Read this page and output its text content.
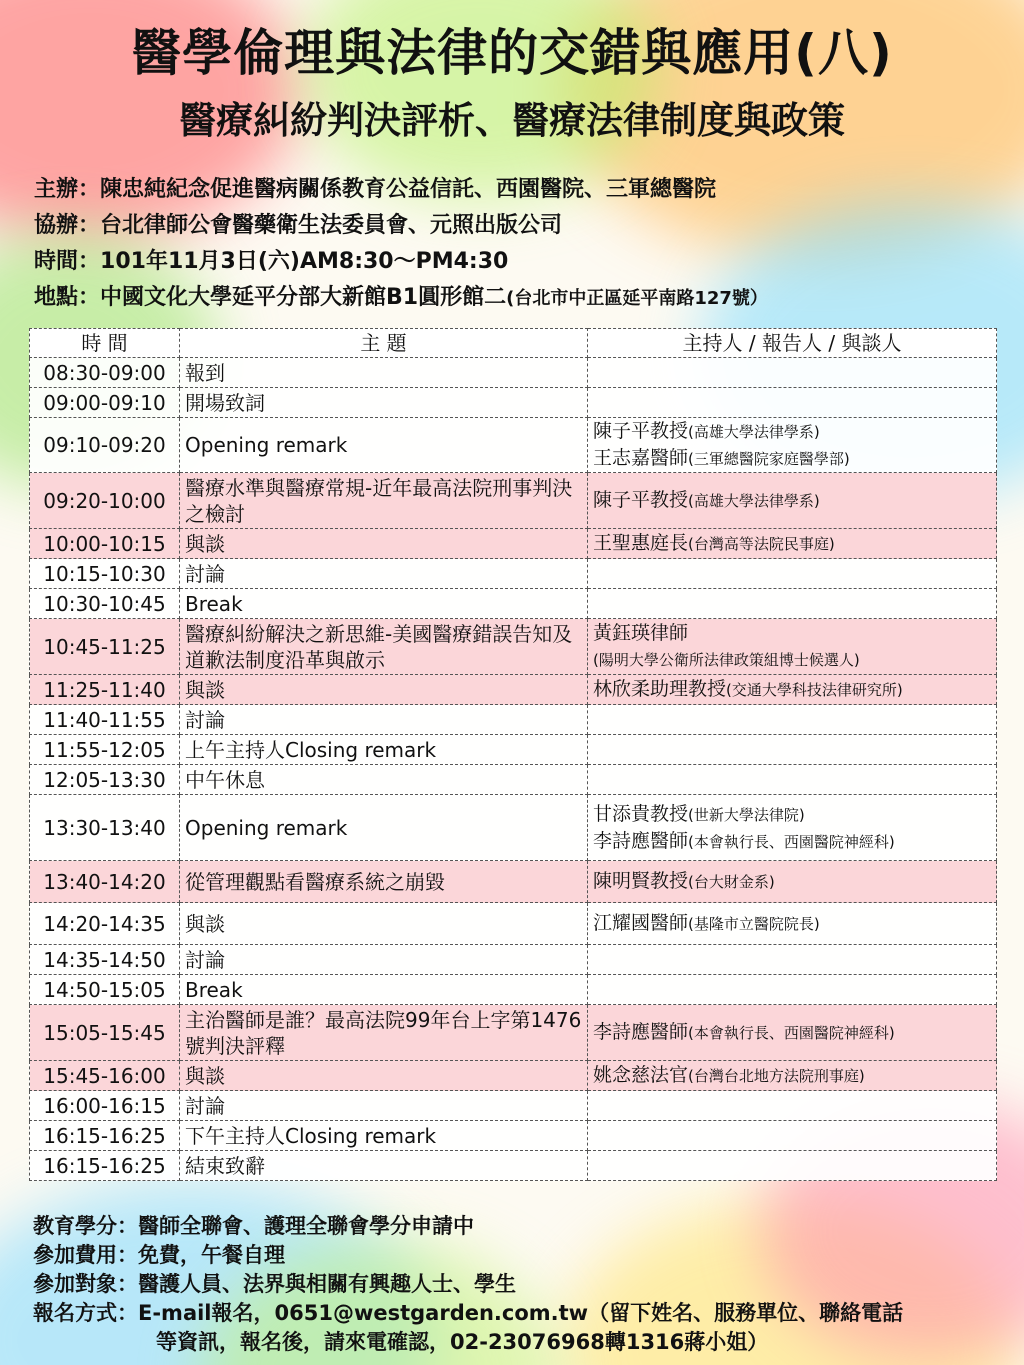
醫學倫理與法律的交錯與應用(八)
醫療糾紛判決評析、醫療法律制度與政策
主辦：陳忠純紀念促進醫病關係教育公益信託、西園醫院、三軍總醫院
協辦：台北律師公會醫藥衛生法委員會、元照出版公司
時間：101年11月3日(六)AM8:30～PM4:30
地點：中國文化大學延平分部大新館B1圓形館二(台北市中正區延平南路127號）
時 間	主 題	主持人 / 報告人 / 與談人
08:30-09:00	報到	
09:00-09:10	開場致詞	
09:10-09:20	Opening remark	陳子平教授(高雄大學法律學系)
王志嘉醫師(三軍總醫院家庭醫學部)

09:20-10:00	醫療水準與醫療常規-近年最高法院刑事判決之檢討	陳子平教授(高雄大學法律學系)

10:00-10:15	與談	王聖惠庭長(台灣高等法院民事庭)

10:15-10:30	討論	
10:30-10:45	Break	
10:45-11:25	醫療糾紛解決之新思維-美國醫療錯誤告知及道歉法制度沿革與啟示	黃鈺瑛律師
(陽明大學公衛所法律政策組博士候選人)

11:25-11:40	與談	林欣柔助理教授(交通大學科技法律研究所)

11:40-11:55	討論	
11:55-12:05	上午主持人Closing remark	
12:05-13:30	中午休息	
13:30-13:40	Opening remark	甘添貴教授(世新大學法律院)
李詩應醫師(本會執行長、西園醫院神經科)

13:40-14:20	從管理觀點看醫療系統之崩毀	陳明賢教授(台大財金系)

14:20-14:35	與談	江耀國醫師(基隆市立醫院院長)

14:35-14:50	討論	
14:50-15:05	Break	
15:05-15:45	主治醫師是誰？最高法院99年台上字第1476號判決評釋	李詩應醫師(本會執行長、西園醫院神經科)

15:45-16:00	與談	姚念慈法官(台灣台北地方法院刑事庭)

16:00-16:15	討論	
16:15-16:25	下午主持人Closing remark	
16:15-16:25	結束致辭	
教育學分：醫師全聯會、護理全聯會學分申請中
參加費用：免費，午餐自理
參加對象：醫護人員、法界與相關有興趣人士、學生
報名方式：E-mail報名，0651@westgarden.com.tw（留下姓名、服務單位、聯絡電話
等資訊，報名後，請來電確認，02-23076968轉1316蔣小姐）
